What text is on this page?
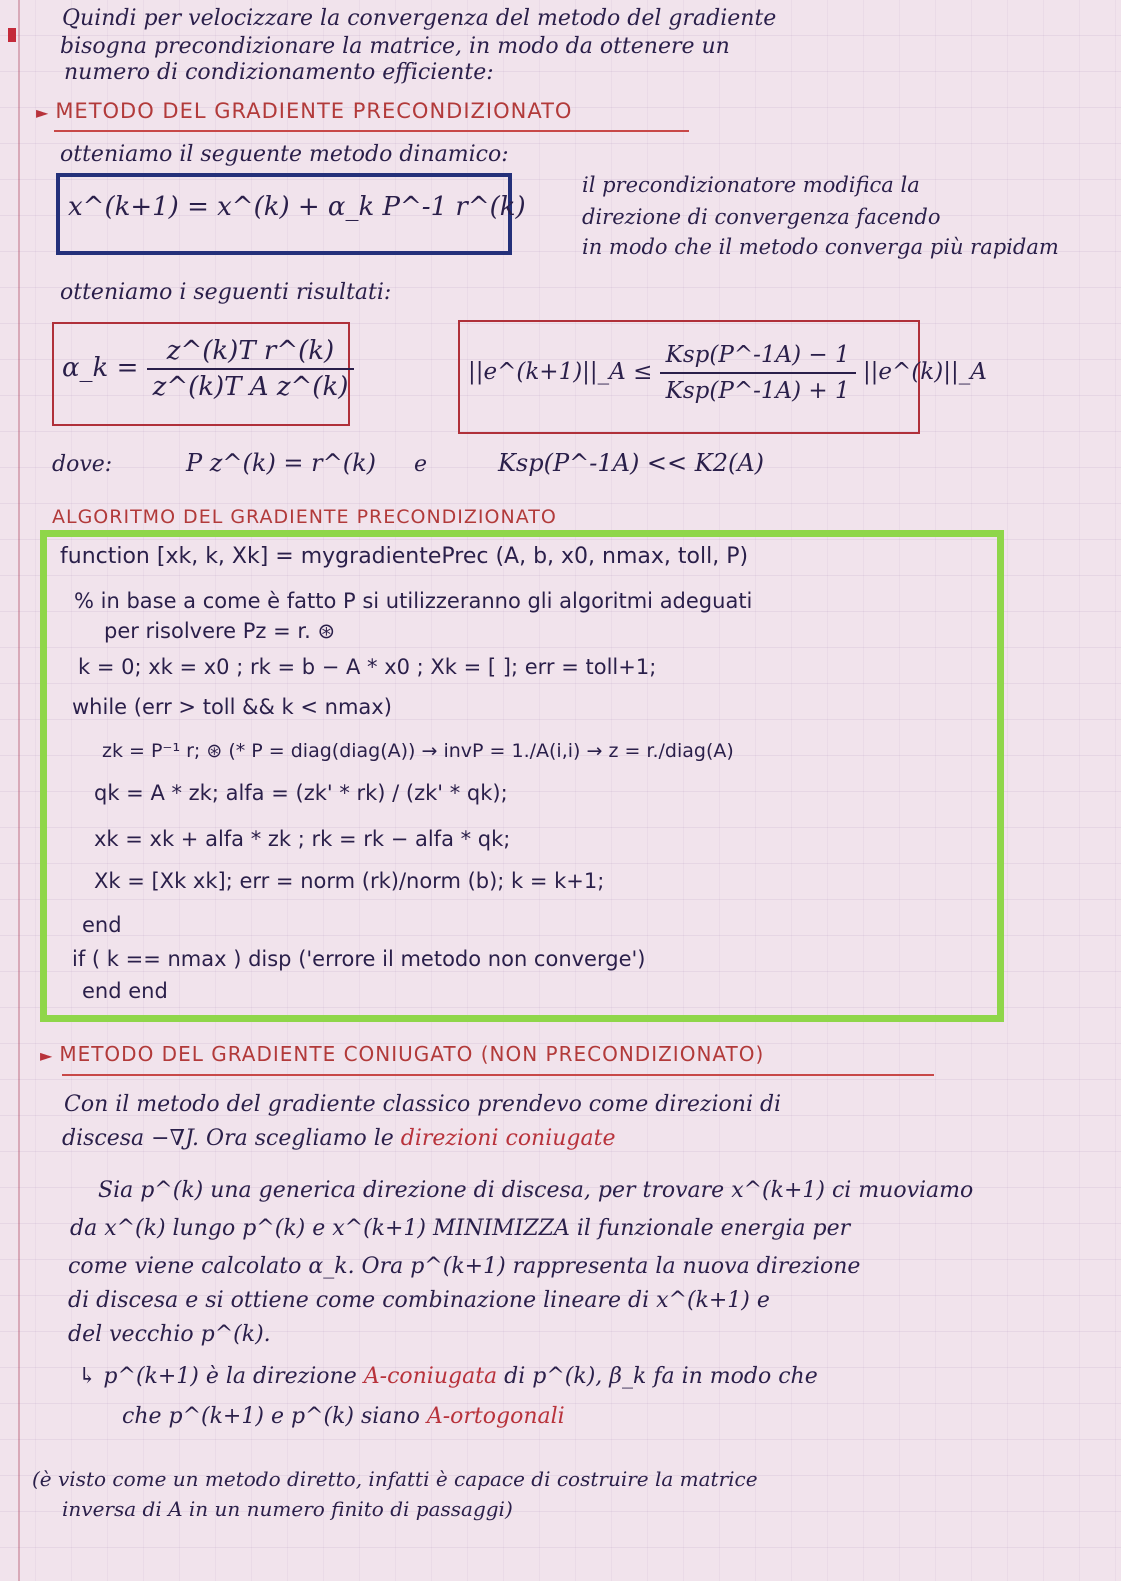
Quindi per velocizzare la convergenza del metodo del gradiente
bisogna precondizionare la matrice, in modo da ottenere un
numero di condizionamento efficiente:
► METODO DEL GRADIENTE PRECONDIZIONATO
otteniamo il seguente metodo dinamico:
x^(k+1) = x^(k) + α_k P^-1 r^(k)
il precondizionatore modifica la
direzione di convergenza facendo
in modo che il metodo converga più rapidam
otteniamo i seguenti risultati:
α_k = $\frac{\text{z\textasciicircum{}(k)T r\textasciicircum{}(k)}}{\text{z\textasciicircum{}(k)T A z\textasciicircum{}(k)}}$	||e^(k+1)||_A ≤ $\frac{\text{Ksp(P\textasciicircum{}-1A) − 1}}{\text{Ksp(P\textasciicircum{}-1A) + 1}}$ ||e^(k)||_A
dove:	P z^(k) = r^(k) e	Ksp(P^-1A) << K2(A)
ALGORITMO DEL GRADIENTE PRECONDIZIONATO
function [xk, k, Xk] = mygradientePrec (A, b, x0, nmax, toll, P)
% in base a come è fatto P si utilizzeranno gli algoritmi adeguati
per risolvere Pz = r. ⊛
k = 0; xk = x0 ; rk = b − A * x0 ; Xk = [ ]; err = toll+1;
while (err > toll && k < nmax)
zk = P⁻¹ r; ⊛ (* P = diag(diag(A)) → invP = 1./A(i,i) → z = r./diag(A)
qk = A * zk; alfa = (zk' * rk) / (zk' * qk);
xk = xk + alfa * zk ; rk = rk − alfa * qk;
Xk = [Xk xk]; err = norm (rk)/norm (b); k = k+1;
end
if ( k == nmax ) disp ('errore il metodo non converge')
end end
► METODO DEL GRADIENTE CONIUGATO (NON PRECONDIZIONATO)
Con il metodo del gradiente classico prendevo come direzioni di
discesa −∇J. Ora scegliamo le direzioni coniugate
Sia p^(k) una generica direzione di discesa, per trovare x^(k+1) ci muoviamo
da x^(k) lungo p^(k) e x^(k+1) MINIMIZZA il funzionale energia per
come viene calcolato α_k. Ora p^(k+1) rappresenta la nuova direzione
di discesa e si ottiene come combinazione lineare di x^(k+1) e
del vecchio p^(k).
↳ p^(k+1) è la direzione A-coniugata di p^(k), β_k fa in modo che
che p^(k+1) e p^(k) siano A-ortogonali
(è visto come un metodo diretto, infatti è capace di costruire la matrice
inversa di A in un numero finito di passaggi)
